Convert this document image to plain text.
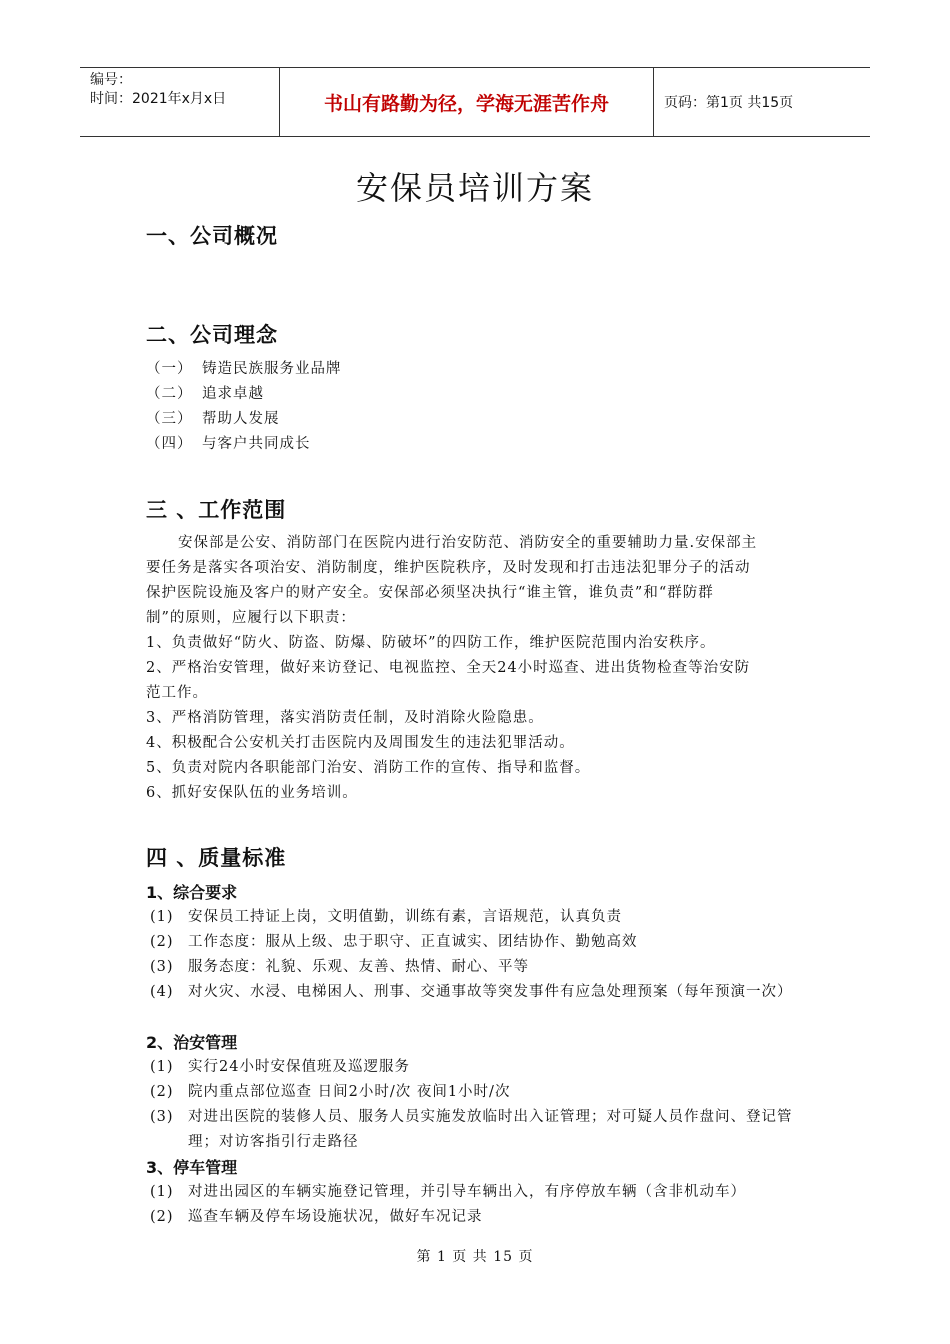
编号：
时间：2021年x月x日	书山有路勤为径，学海无涯苦作舟	页码：第1页 共15页
安保员培训方案
一、公司概况
二、公司理念
（一） 铸造民族服务业品牌
（二） 追求卓越
（三） 帮助人发展
（四） 与客户共同成长
三 、工作范围
安保部是公安、消防部门在医院内进行治安防范、消防安全的重要辅助力量.安保部主
要任务是落实各项治安、消防制度，维护医院秩序，及时发现和打击违法犯罪分子的活动
保护医院设施及客户的财产安全。安保部必须坚决执行“谁主管，谁负责”和“群防群
制”的原则，应履行以下职责：
1、负责做好“防火、防盗、防爆、防破坏”的四防工作，维护医院范围内治安秩序。
2、严格治安管理，做好来访登记、电视监控、全天24小时巡查、进出货物检查等治安防
范工作。
3、严格消防管理，落实消防责任制，及时消除火险隐患。
4、积极配合公安机关打击医院内及周围发生的违法犯罪活动。
5、负责对院内各职能部门治安、消防工作的宣传、指导和监督。
6、抓好安保队伍的业务培训。
四 、质量标准
1、综合要求
(1) 安保员工持证上岗，文明值勤，训练有素，言语规范，认真负责
(2) 工作态度：服从上级、忠于职守、正直诚实、团结协作、勤勉高效
(3) 服务态度：礼貌、乐观、友善、热情、耐心、平等
(4) 对火灾、水浸、电梯困人、刑事、交通事故等突发事件有应急处理预案（每年预演一次）
2、治安管理
(1) 实行24小时安保值班及巡逻服务
(2) 院内重点部位巡查 日间2小时/次 夜间1小时/次
(3) 对进出医院的装修人员、服务人员实施发放临时出入证管理；对可疑人员作盘问、登记管理；对访客指引行走路径
3、停车管理
(1) 对进出园区的车辆实施登记管理，并引导车辆出入，有序停放车辆（含非机动车）
(2) 巡查车辆及停车场设施状况，做好车况记录
第 1 页 共 15 页
